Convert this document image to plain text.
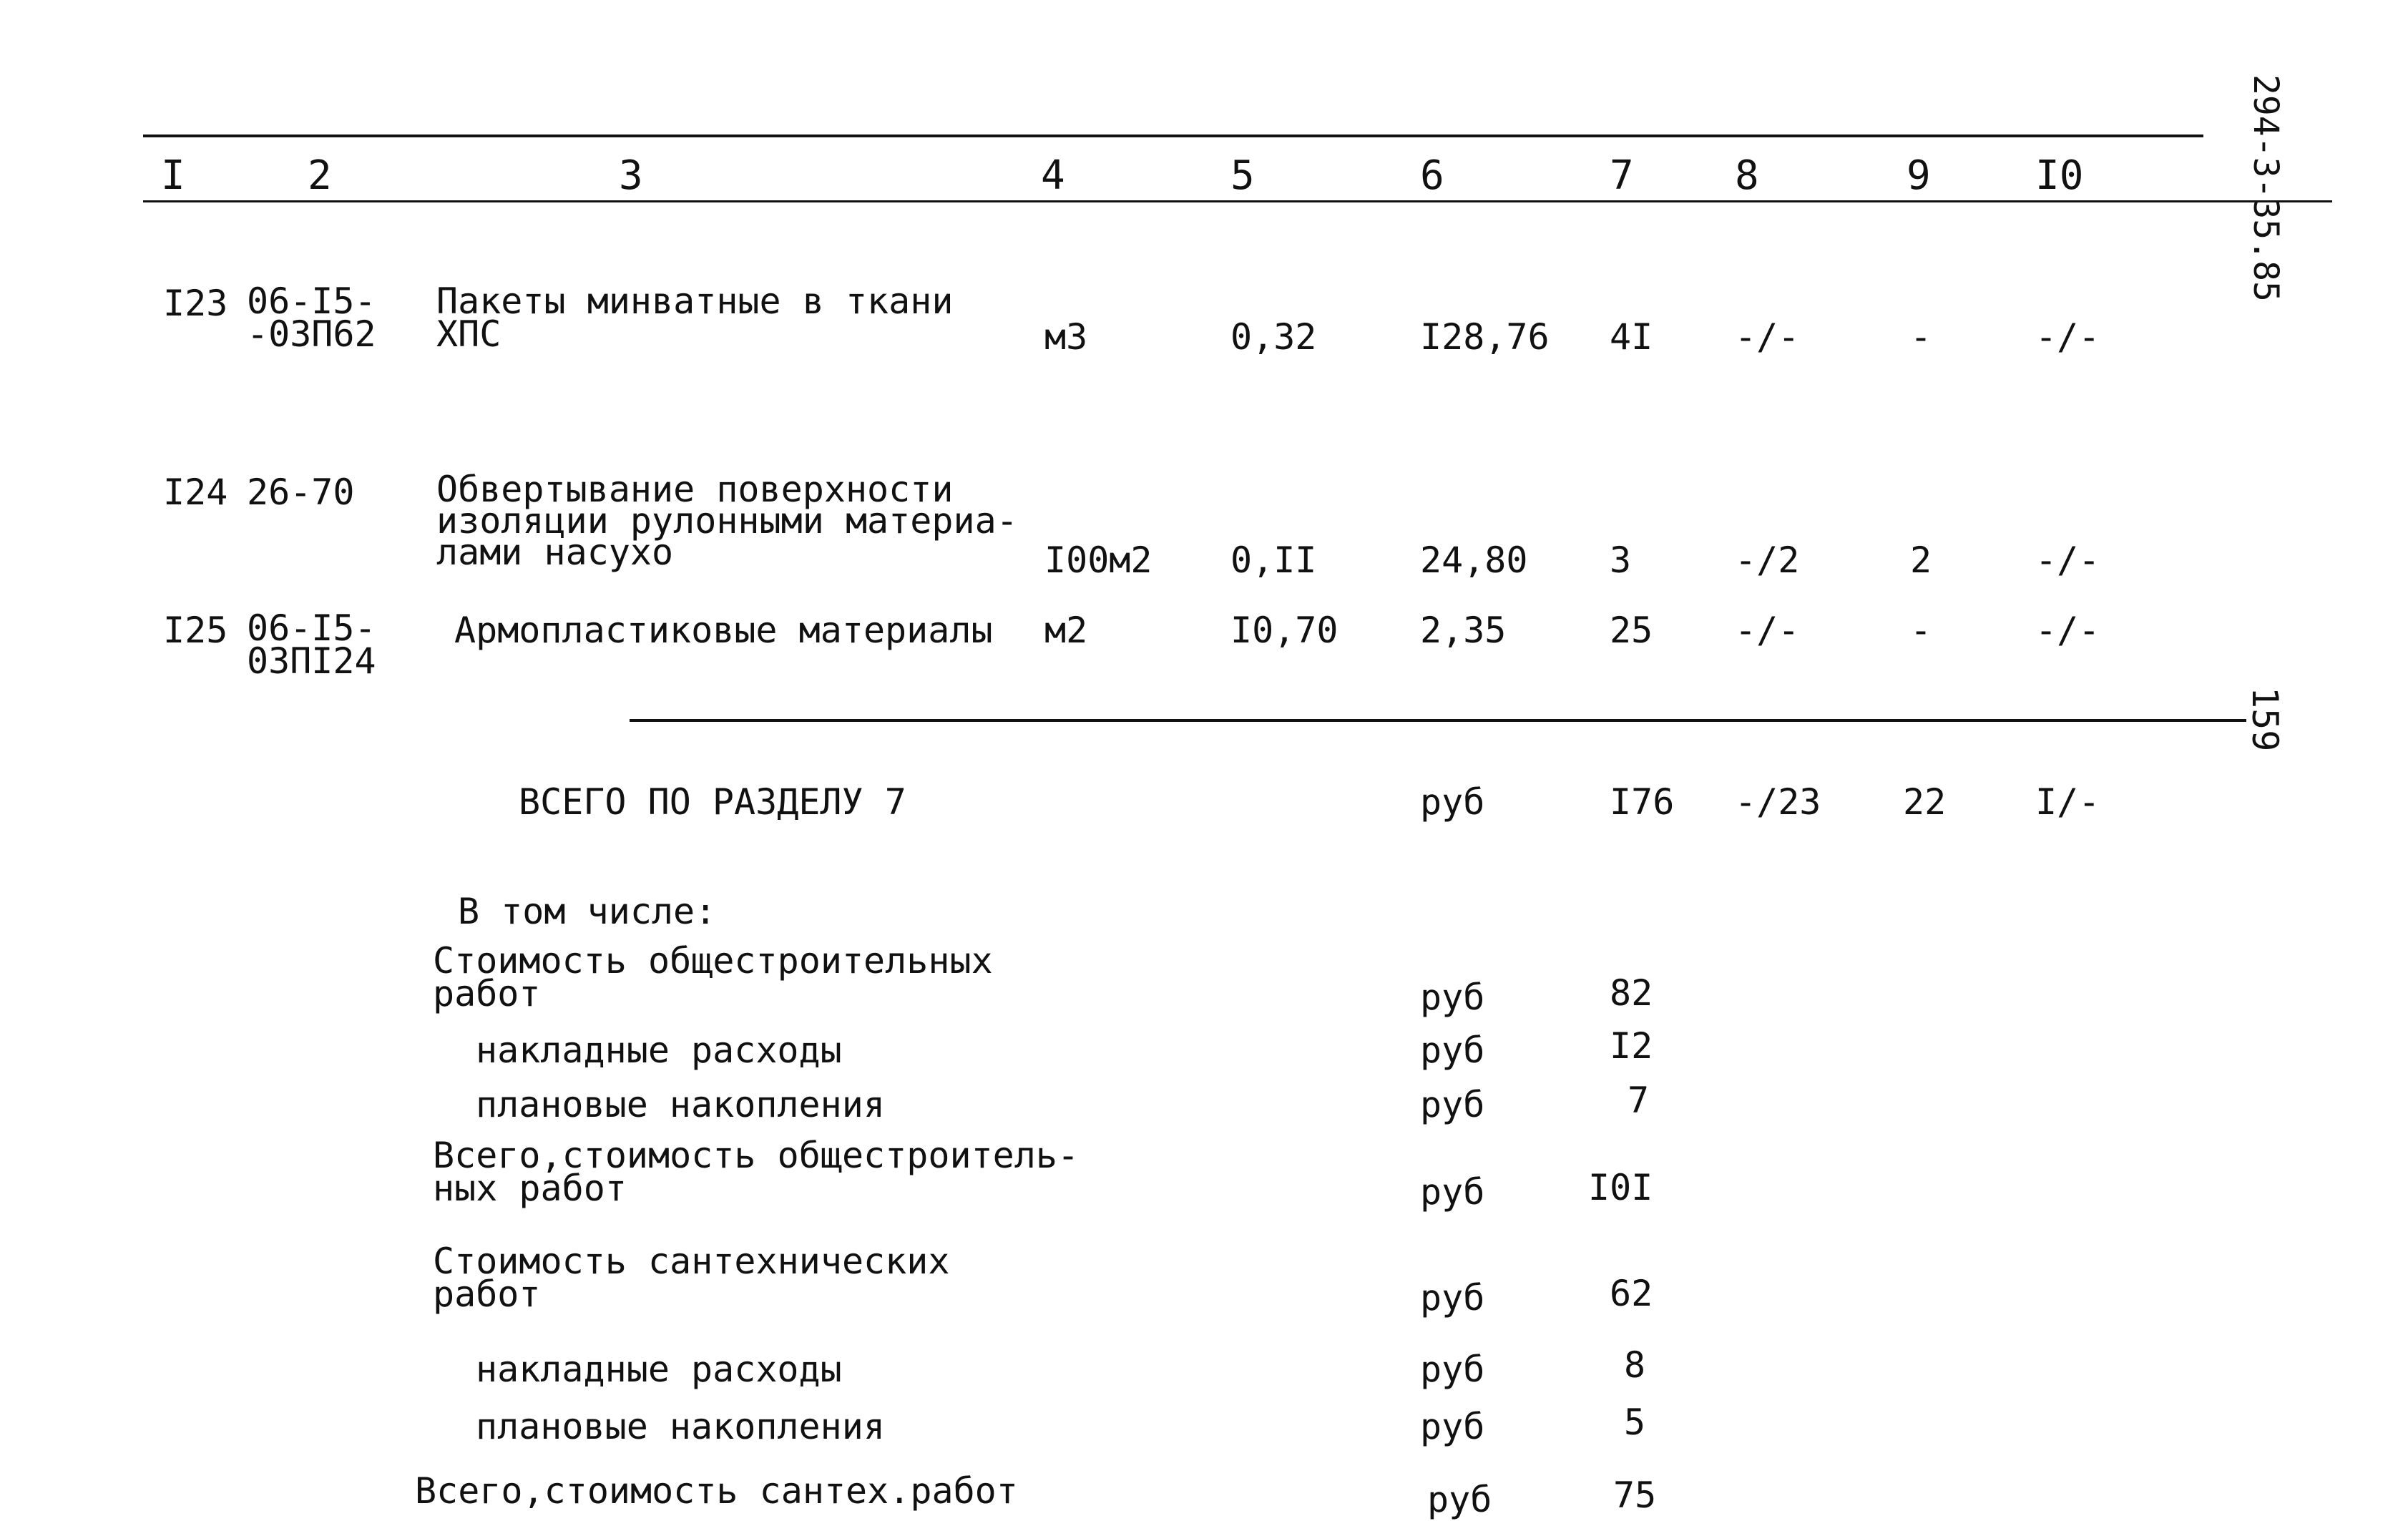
294-3-35.85
159
I	2	3	4	5	6	7	8	9	I0
I23 06-I5-
-03П62
Пакеты минватные в ткани
ХПС	м3	0,32	I28,76 4I -/-	-	-/-
I24 26-70 Обвертывание поверхности
изоляции рулонными материа-
лами насухо	I00м2 0,II	24,80 3	-/2	2	-/-
I25 06-I5-
03ПI24
Армопластиковые материалы м2	I0,70 2,35	25 -/-	-	-/-
ВСЕГО ПО РАЗДЕЛУ 7	руб	I76 -/23 22 I/-
В том числе:
Стоимость общестроительных
работ	руб	82
накладные расходы	руб	I2
плановые накопления	руб	7
Всего,стоимость общестроитель-
ных работ	руб	I0I
Стоимость сантехнических
работ	руб	62
накладные расходы	руб	8
плановые накопления	руб	5
Всего,стоимость сантех.работ	руб	75
